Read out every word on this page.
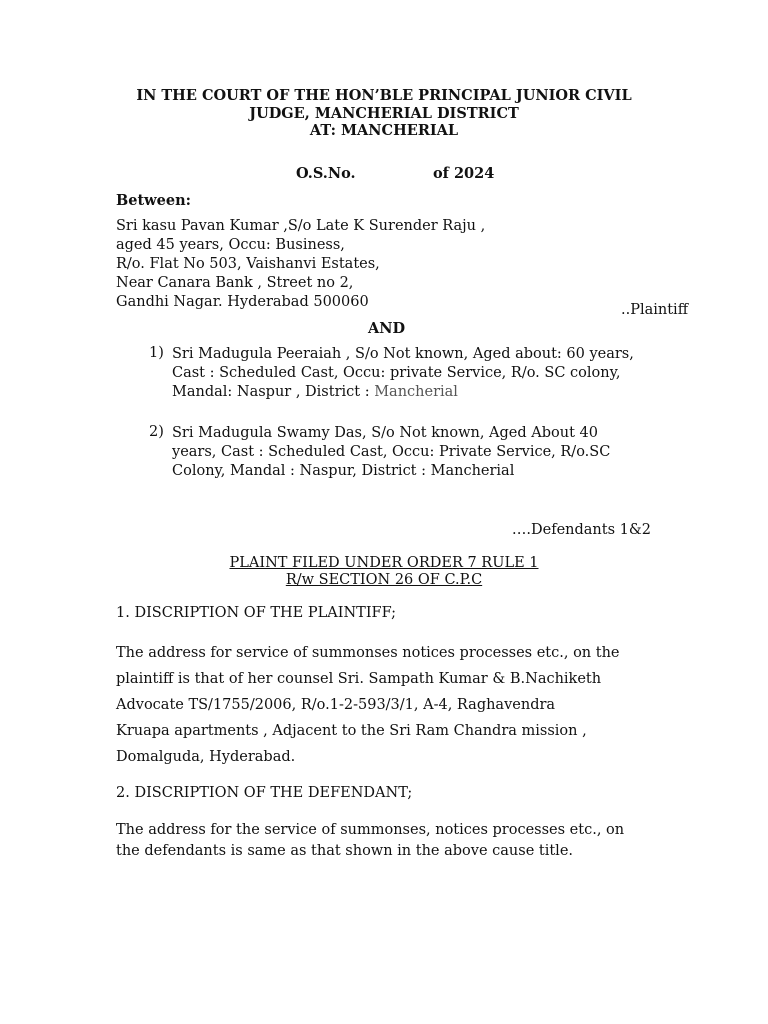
IN THE COURT OF THE HON’BLE PRINCIPAL JUNIOR CIVIL

JUDGE, MANCHERIAL DISTRICT

AT: MANCHERIAL

O.S.No.	of 2024

Between:

Sri kasu Pavan Kumar ,S/o Late K Surender Raju ,
aged 45 years, Occu: Business,
R/o. Flat No 503, Vaishanvi Estates,
Near Canara Bank , Street no 2,
Gandhi Nagar. Hyderabad 500060	..Plaintiff

AND

1) Sri Madugula Peeraiah , S/o Not known, Aged about: 60 years,
Cast : Scheduled Cast, Occu: private Service, R/o. SC colony,
Mandal: Naspur , District : Mancherial

2) Sri Madugula Swamy Das, S/o Not known, Aged About 40
years, Cast : Scheduled Cast, Occu: Private Service, R/o.SC
Colony, Mandal : Naspur, District : Mancherial

….Defendants 1&2

PLAINT FILED UNDER ORDER 7 RULE 1

R/w SECTION 26 OF C.P.C

1. DISCRIPTION OF THE PLAINTIFF;

The address for service of summonses notices processes etc., on the
plaintiff is that of her counsel Sri. Sampath Kumar & B.Nachiketh
Advocate TS/1755/2006, R/o.1-2-593/3/1, A-4, Raghavendra
Kruapa apartments , Adjacent to the Sri Ram Chandra mission ,
Domalguda, Hyderabad.

2. DISCRIPTION OF THE DEFENDANT;

The address for the service of summonses, notices processes etc., on
the defendants is same as that shown in the above cause title.
